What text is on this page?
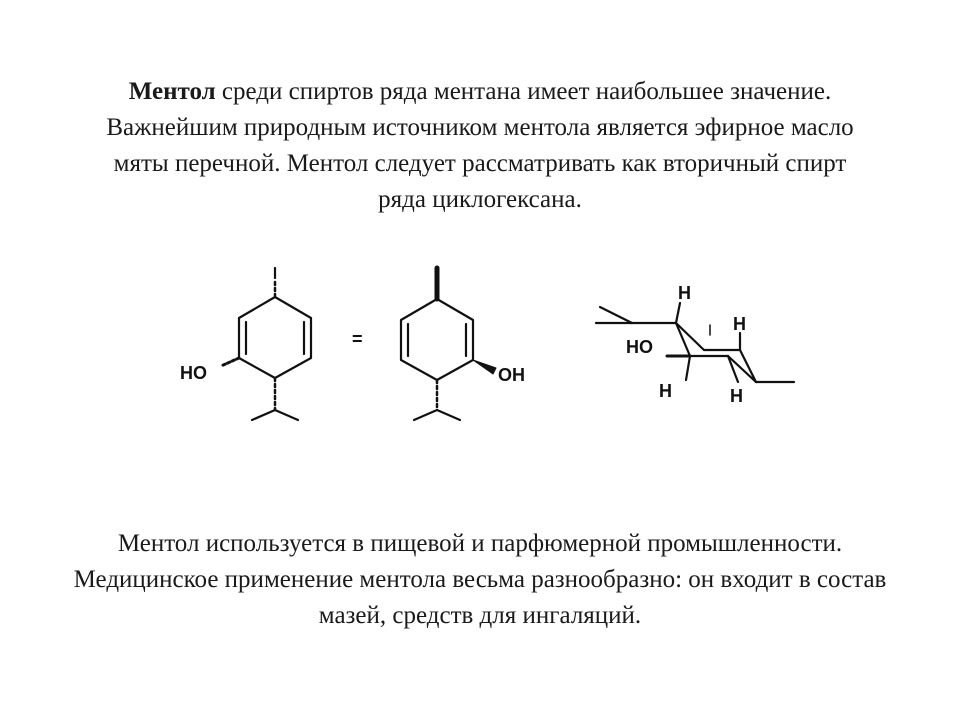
Ментол среди спиртов ряда ментана имеет наибольшее значение. Важнейшим природным источником ментола является эфирное масло мяты перечной. Ментол следует рассматривать как вторичный спирт ряда циклогексана.

HO
=
OH
HO
H
H
H	H

Ментол используется в пищевой и парфюмерной промышленности. Медицинское применение ментола весьма разнообразно: он входит в состав мазей, средств для ингаляций.
